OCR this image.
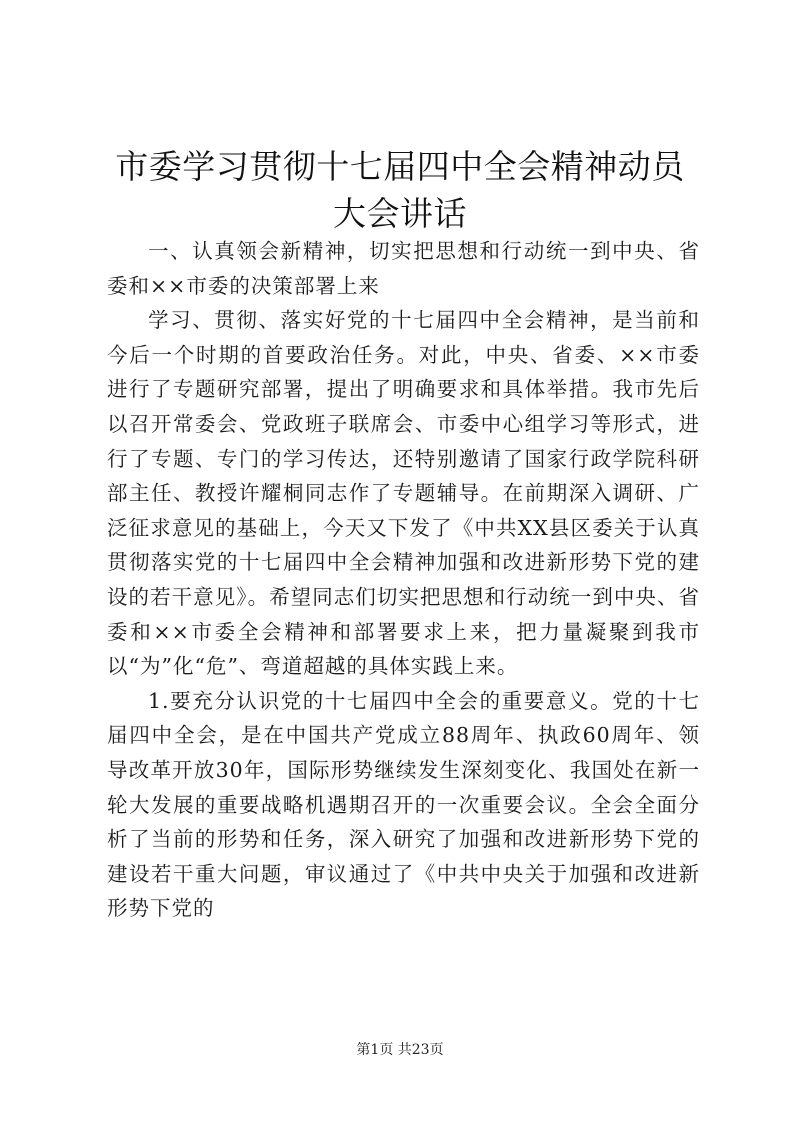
市委学习贯彻十七届四中全会精神动员大会讲话

一、认真领会新精神，切实把思想和行动统一到中央、省委和××市委的决策部署上来

学习、贯彻、落实好党的十七届四中全会精神，是当前和今后一个时期的首要政治任务。对此，中央、省委、××市委进行了专题研究部署，提出了明确要求和具体举措。我市先后以召开常委会、党政班子联席会、市委中心组学习等形式，进行了专题、专门的学习传达，还特别邀请了国家行政学院科研部主任、教授许耀桐同志作了专题辅导。在前期深入调研、广泛征求意见的基础上，今天又下发了《中共XX县区委关于认真贯彻落实党的十七届四中全会精神加强和改进新形势下党的建设的若干意见》。希望同志们切实把思想和行动统一到中央、省委和××市委全会精神和部署要求上来，把力量凝聚到我市以“为”化“危”、弯道超越的具体实践上来。

1.要充分认识党的十七届四中全会的重要意义。党的十七届四中全会，是在中国共产党成立88周年、执政60周年、领导改革开放30年，国际形势继续发生深刻变化、我国处在新一轮大发展的重要战略机遇期召开的一次重要会议。全会全面分析了当前的形势和任务，深入研究了加强和改进新形势下党的建设若干重大问题，审议通过了《中共中央关于加强和改进新形势下党的

第1页 共23页
